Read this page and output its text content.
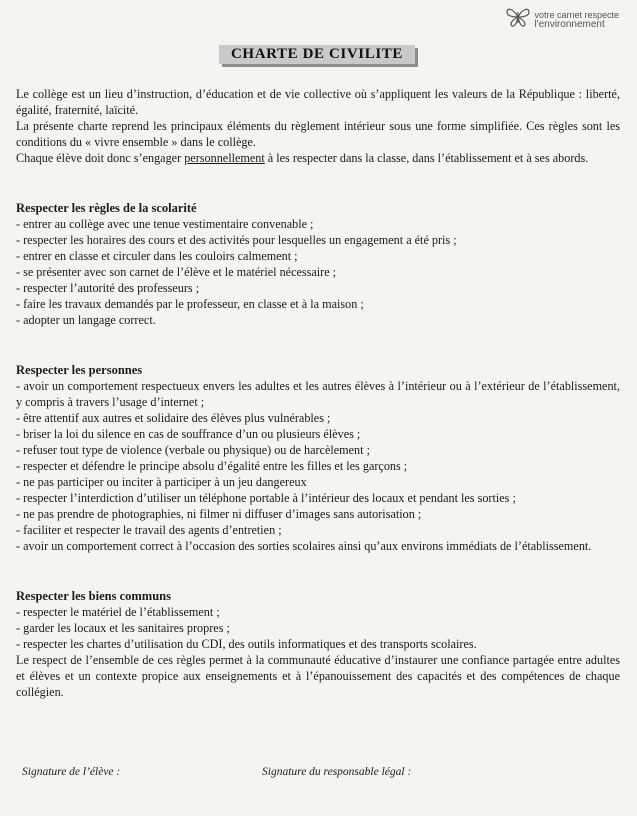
votre carnet respecte
l'environnement
CHARTE DE CIVILITE

Le collège est un lieu d’instruction, d’éducation et de vie collective où s’appliquent les valeurs de la République : liberté, égalité, fraternité, laïcité.

La présente charte reprend les principaux éléments du règlement intérieur sous une forme simplifiée. Ces règles sont les conditions du « vivre ensemble » dans le collège.

Chaque élève doit donc s’engager personnellement à les respecter dans la classe, dans l’établissement et à ses abords.

Respecter les règles de la scolarité
- entrer au collège avec une tenue vestimentaire convenable ;
- respecter les horaires des cours et des activités pour lesquelles un engagement a été pris ;
- entrer en classe et circuler dans les couloirs calmement ;
- se présenter avec son carnet de l’élève et le matériel nécessaire ;
- respecter l’autorité des professeurs ;
- faire les travaux demandés par le professeur, en classe et à la maison ;
- adopter un langage correct.
Respecter les personnes
- avoir un comportement respectueux envers les adultes et les autres élèves à l’intérieur ou à l’extérieur de l’établissement, y compris à travers l’usage d’internet ;
- être attentif aux autres et solidaire des élèves plus vulnérables ;
- briser la loi du silence en cas de souffrance d’un ou plusieurs élèves ;
- refuser tout type de violence (verbale ou physique) ou de harcèlement ;
- respecter et défendre le principe absolu d’égalité entre les filles et les garçons ;
- ne pas participer ou inciter à participer à un jeu dangereux
- respecter l’interdiction d’utiliser un téléphone portable à l’intérieur des locaux et pendant les sorties ;
- ne pas prendre de photographies, ni filmer ni diffuser d’images sans autorisation ;
- faciliter et respecter le travail des agents d’entretien ;
- avoir un comportement correct à l’occasion des sorties scolaires ainsi qu’aux environs immédiats de l’établissement.
Respecter les biens communs
- respecter le matériel de l’établissement ;
- garder les locaux et les sanitaires propres ;
- respecter les chartes d’utilisation du CDI, des outils informatiques et des transports scolaires.

Le respect de l’ensemble de ces règles permet à la communauté éducative d’instaurer une confiance partagée entre adultes et élèves et un contexte propice aux enseignements et à l’épanouissement des capacités et des compétences de chaque collégien.

Signature de l’élève :	Signature du responsable légal :
